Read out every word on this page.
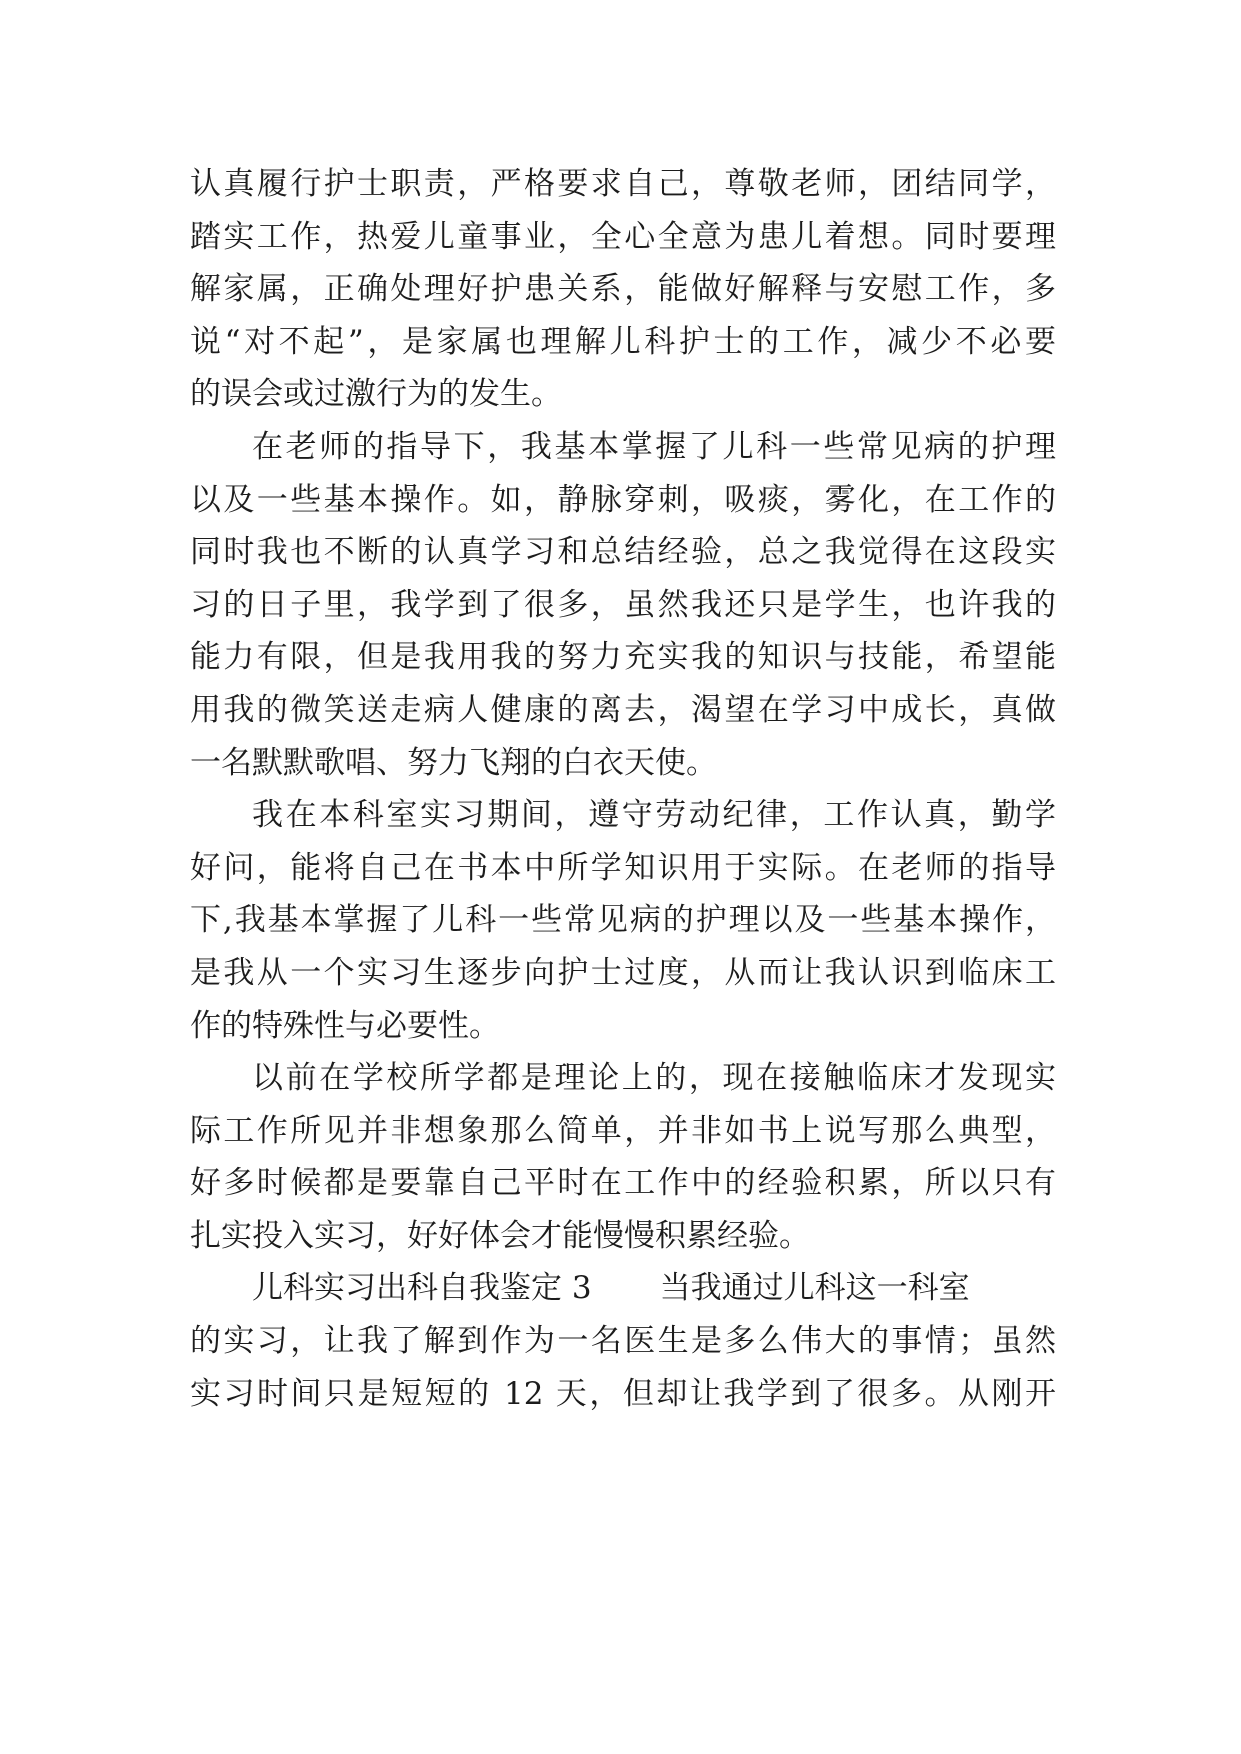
认真履行护士职责，严格要求自己，尊敬老师，团结同学，
踏实工作，热爱儿童事业，全心全意为患儿着想。同时要理
解家属，正确处理好护患关系，能做好解释与安慰工作，多
说“对不起”，是家属也理解儿科护士的工作，减少不必要
的误会或过激行为的发生。
在老师的指导下，我基本掌握了儿科一些常见病的护理
以及一些基本操作。如，静脉穿刺，吸痰，雾化，在工作的
同时我也不断的认真学习和总结经验，总之我觉得在这段实
习的日子里，我学到了很多，虽然我还只是学生，也许我的
能力有限，但是我用我的努力充实我的知识与技能，希望能
用我的微笑送走病人健康的离去，渴望在学习中成长，真做
一名默默歌唱、努力飞翔的白衣天使。
我在本科室实习期间，遵守劳动纪律，工作认真，勤学
好问，能将自己在书本中所学知识用于实际。在老师的指导
下,我基本掌握了儿科一些常见病的护理以及一些基本操作，
是我从一个实习生逐步向护士过度，从而让我认识到临床工
作的特殊性与必要性。
以前在学校所学都是理论上的，现在接触临床才发现实
际工作所见并非想象那么简单，并非如书上说写那么典型，
好多时候都是要靠自己平时在工作中的经验积累，所以只有
扎实投入实习，好好体会才能慢慢积累经验。
儿科实习出科自我鉴定 3 当我通过儿科这一科室
的实习，让我了解到作为一名医生是多么伟大的事情；虽然
实习时间只是短短的 12 天，但却让我学到了很多。从刚开
